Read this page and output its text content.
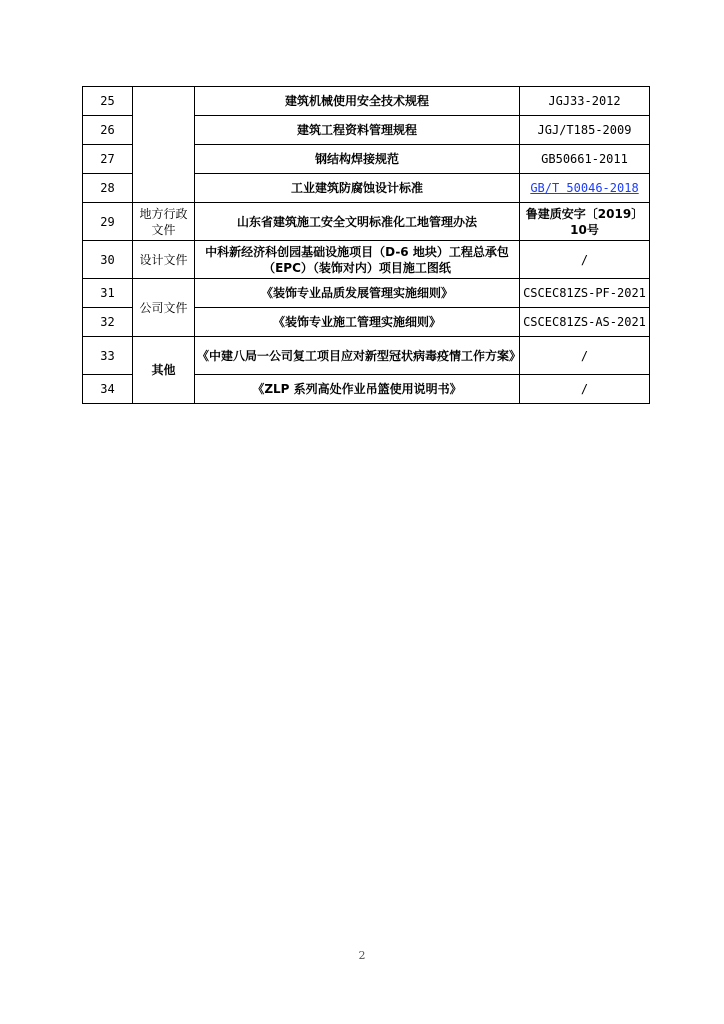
25		建筑机械使用安全技术规程	JGJ33-2012
26		建筑工程资料管理规程	JGJ/T185-2009
27		钢结构焊接规范	GB50661-2011
28		工业建筑防腐蚀设计标准	GB/T 50046-2018
29	地方行政文件	山东省建筑施工安全文明标准化工地管理办法	鲁建质安字〔2019〕10号
30	设计文件	中科新经济科创园基础设施项目（D-6 地块）工程总承包（EPC）（装饰对内）项目施工图纸	/
31	公司文件	《装饰专业品质发展管理实施细则》	CSCEC81ZS-PF-2021
32		《装饰专业施工管理实施细则》	CSCEC81ZS-AS-2021
33	其他	《中建八局一公司复工项目应对新型冠状病毒疫情工作方案》	/
34		《ZLP 系列高处作业吊篮使用说明书》	/
2
